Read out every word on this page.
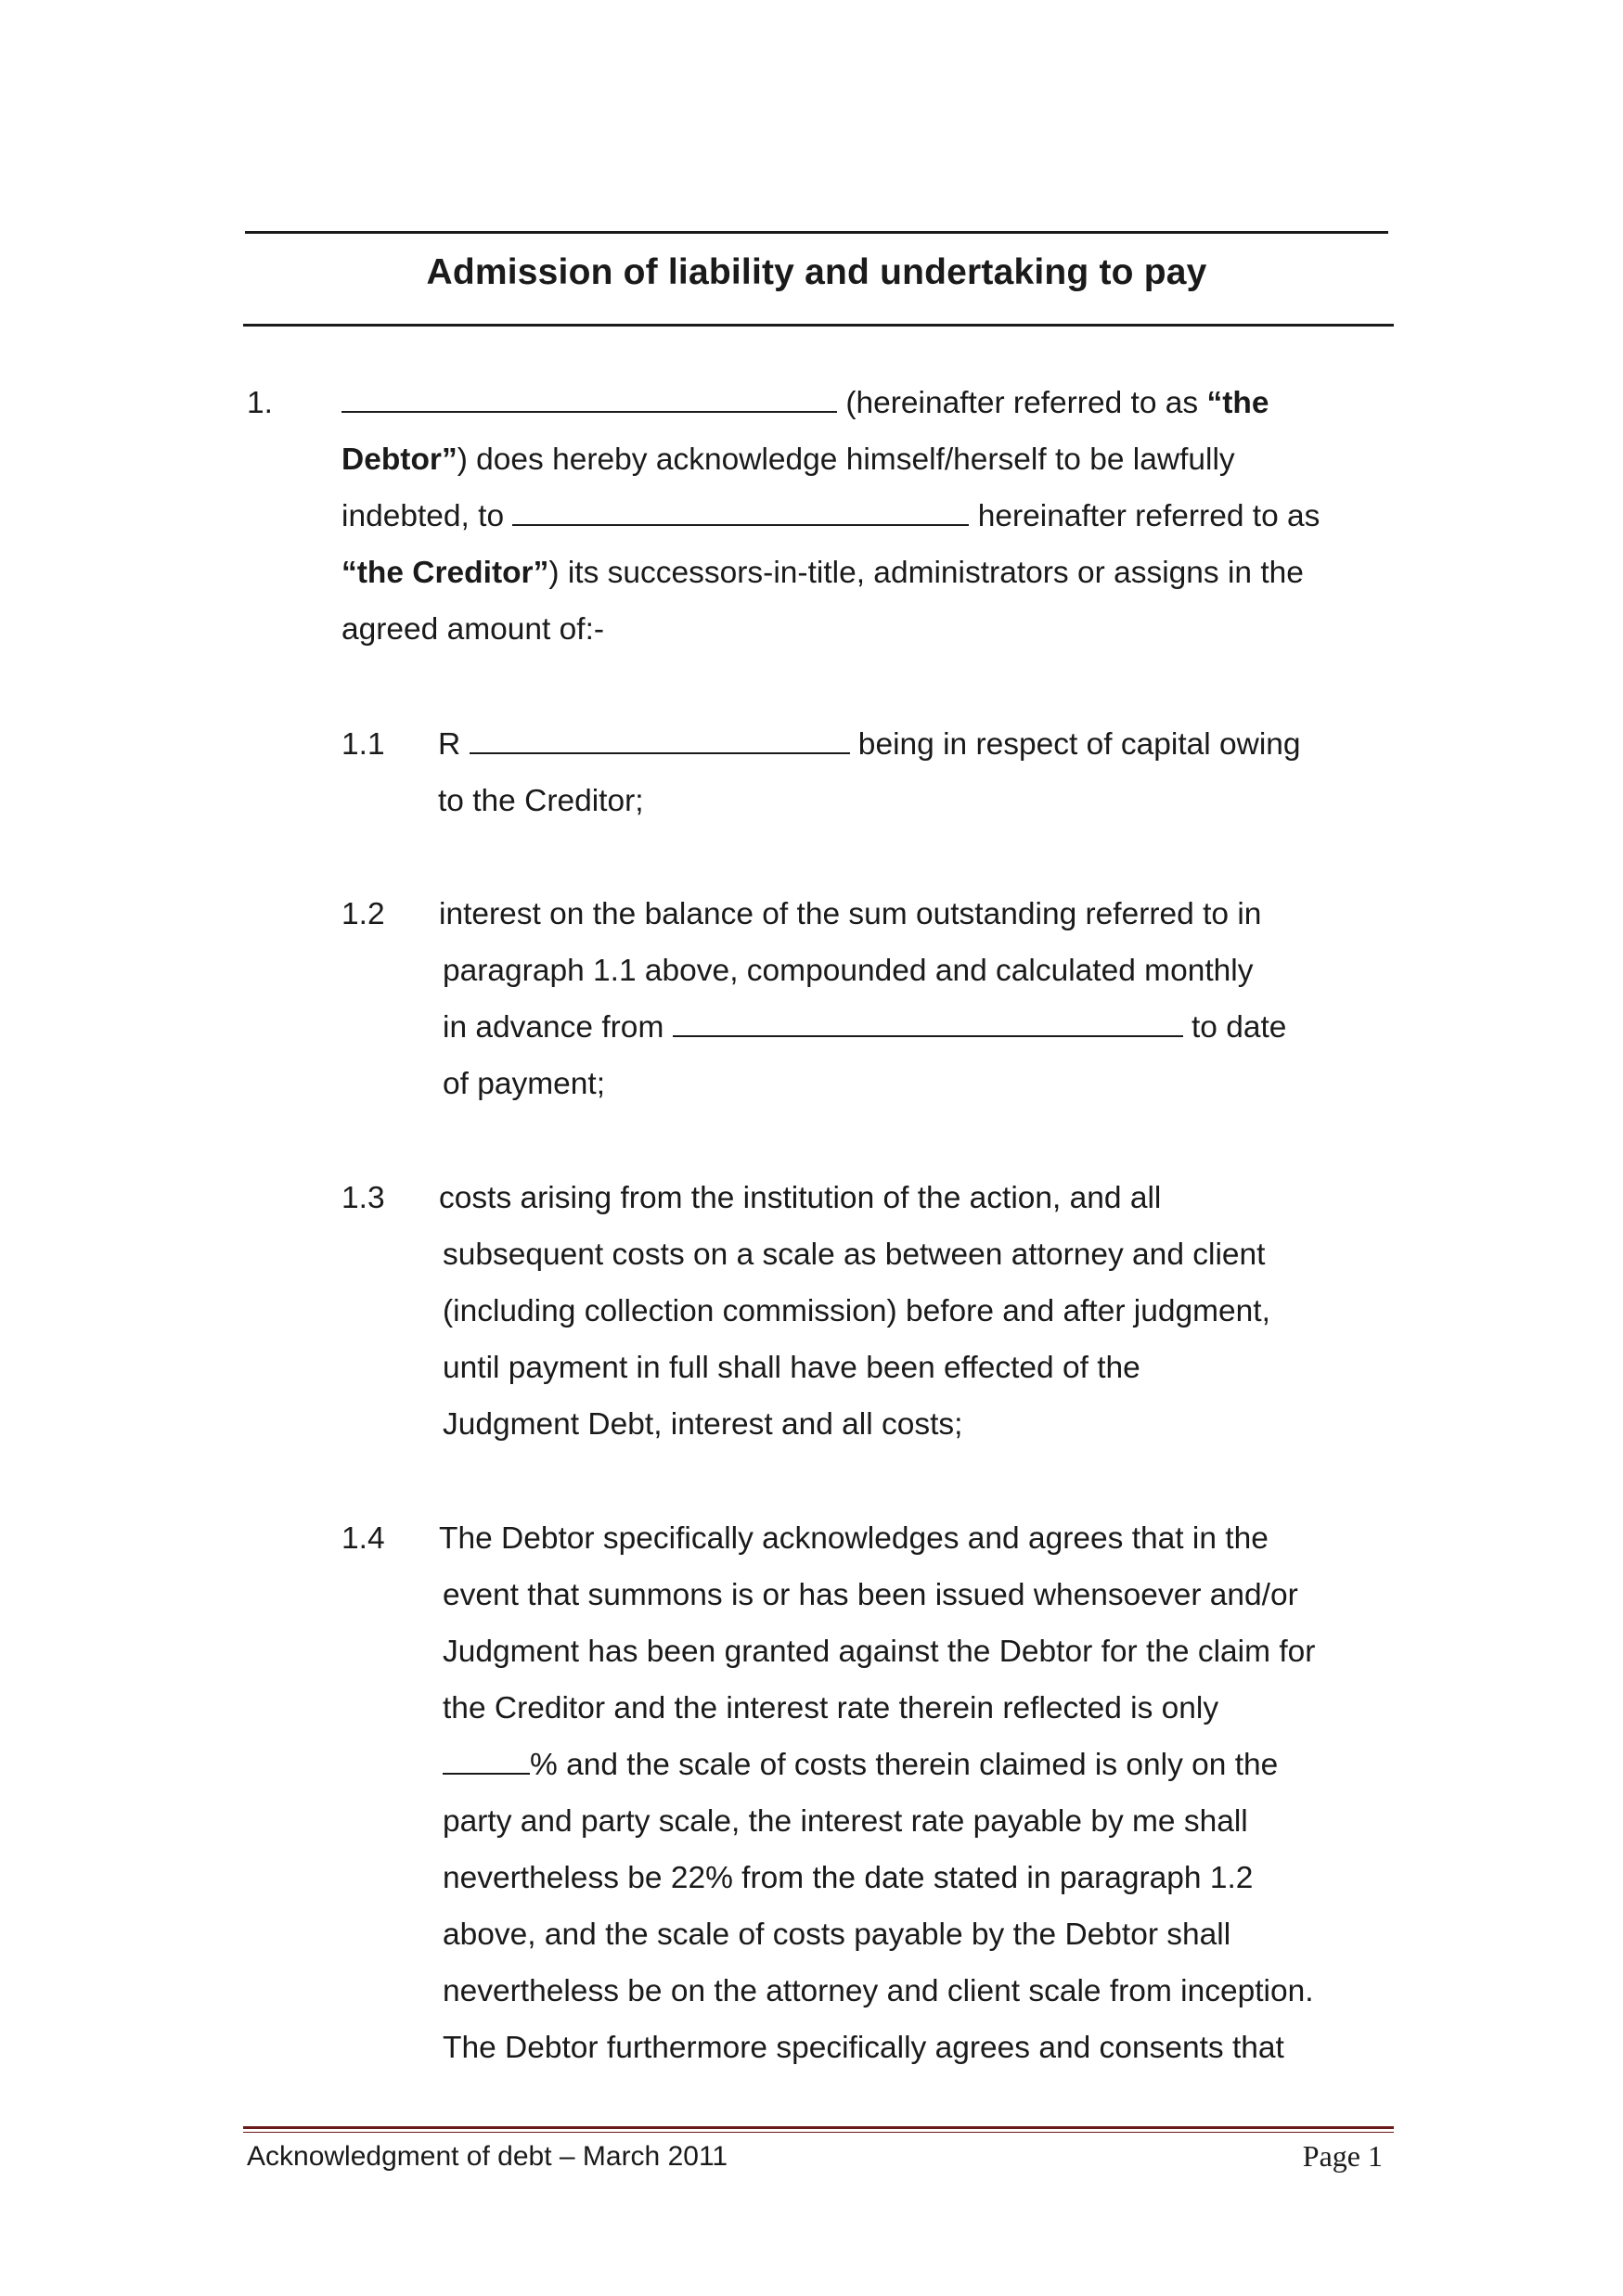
Admission of liability and undertaking to pay
1.	(hereinafter referred to as “the
Debtor”) does hereby acknowledge himself/herself to be lawfully
indebted, to	hereinafter referred to as
“the Creditor”) its successors-in-title, administrators or assigns in the
agreed amount of:-
1.1 R	being in respect of capital owing
to the Creditor;
1.2 interest on the balance of the sum outstanding referred to in
paragraph 1.1 above, compounded and calculated monthly
in advance from	to date
of payment;
1.3 costs arising from the institution of the action, and all
subsequent costs on a scale as between attorney and client
(including collection commission) before and after judgment,
until payment in full shall have been effected of the
Judgment Debt, interest and all costs;
1.4 The Debtor specifically acknowledges and agrees that in the
event that summons is or has been issued whensoever and/or
Judgment has been granted against the Debtor for the claim for
the Creditor and the interest rate therein reflected is only
% and the scale of costs therein claimed is only on the
party and party scale, the interest rate payable by me shall
nevertheless be 22% from the date stated in paragraph 1.2
above, and the scale of costs payable by the Debtor shall
nevertheless be on the attorney and client scale from inception.
The Debtor furthermore specifically agrees and consents that
Acknowledgment of debt – March 2011	Page 1
